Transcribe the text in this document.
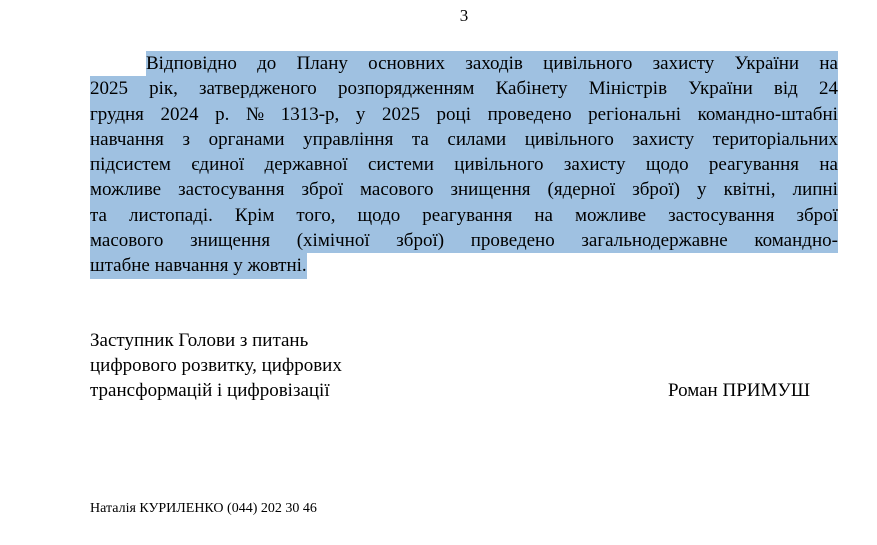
3
Відповідно до Плану основних заходів цивільного захисту України на
2025 рік, затвердженого розпорядженням Кабінету Міністрів України від 24
грудня 2024 р. № 1313-р, у 2025 році проведено регіональні командно-штабні
навчання з органами управління та силами цивільного захисту територіальних
підсистем єдиної державної системи цивільного захисту щодо реагування на
можливе застосування зброї масового знищення (ядерної зброї) у квітні, липні
та листопаді. Крім того, щодо реагування на можливе застосування зброї
масового знищення (хімічної зброї) проведено загальнодержавне командно-
штабне навчання у жовтні.
Заступник Голови з питань
цифрового розвитку, цифрових
трансформацій і цифровізації	Роман ПРИМУШ
Наталія КУРИЛЕНКО (044) 202 30 46
